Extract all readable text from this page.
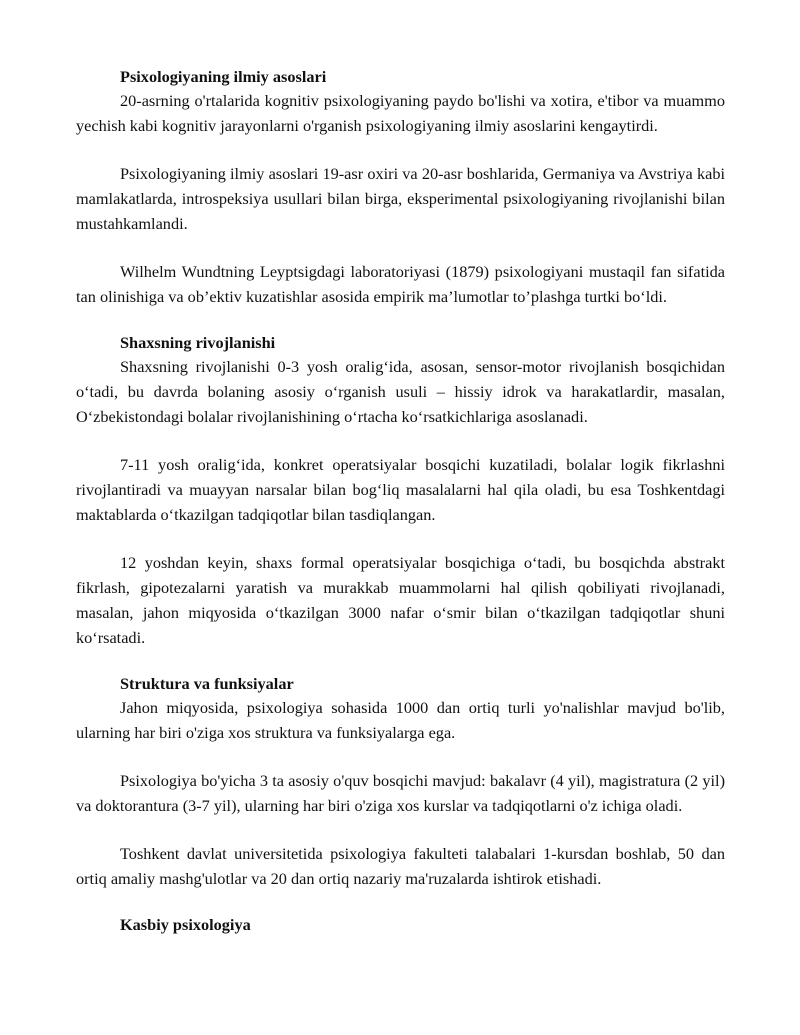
Psixologiyaning ilmiy asoslari

20-asrning o'rtalarida kognitiv psixologiyaning paydo bo'lishi va xotira, e'tibor va muammo yechish kabi kognitiv jarayonlarni o'rganish psixologiyaning ilmiy asoslarini kengaytirdi.

Psixologiyaning ilmiy asoslari 19-asr oxiri va 20-asr boshlarida, Germaniya va Avstriya kabi mamlakatlarda, introspeksiya usullari bilan birga, eksperimental psixologiyaning rivojlanishi bilan mustahkamlandi.

Wilhelm Wundtning Leyptsigdagi laboratoriyasi (1879) psixologiyani mustaqil fan sifatida tan olinishiga va ob’ektiv kuzatishlar asosida empirik ma’lumotlar to’plashga turtki bo‘ldi.

Shaxsning rivojlanishi

Shaxsning rivojlanishi 0-3 yosh oralig‘ida, asosan, sensor-motor rivojlanish bosqichidan o‘tadi, bu davrda bolaning asosiy o‘rganish usuli – hissiy idrok va harakatlardir, masalan, O‘zbekistondagi bolalar rivojlanishining o‘rtacha ko‘rsatkichlariga asoslanadi.

7-11 yosh oralig‘ida, konkret operatsiyalar bosqichi kuzatiladi, bolalar logik fikrlashni rivojlantiradi va muayyan narsalar bilan bog‘liq masalalarni hal qila oladi, bu esa Toshkentdagi maktablarda o‘tkazilgan tadqiqotlar bilan tasdiqlangan.

12 yoshdan keyin, shaxs formal operatsiyalar bosqichiga o‘tadi, bu bosqichda abstrakt fikrlash, gipotezalarni yaratish va murakkab muammolarni hal qilish qobiliyati rivojlanadi, masalan, jahon miqyosida o‘tkazilgan 3000 nafar o‘smir bilan o‘tkazilgan tadqiqotlar shuni ko‘rsatadi.

Struktura va funksiyalar

Jahon miqyosida, psixologiya sohasida 1000 dan ortiq turli yo'nalishlar mavjud bo'lib, ularning har biri o'ziga xos struktura va funksiyalarga ega.

Psixologiya bo'yicha 3 ta asosiy o'quv bosqichi mavjud: bakalavr (4 yil), magistratura (2 yil) va doktorantura (3-7 yil), ularning har biri o'ziga xos kurslar va tadqiqotlarni o'z ichiga oladi.

Toshkent davlat universitetida psixologiya fakulteti talabalari 1-kursdan boshlab, 50 dan ortiq amaliy mashg'ulotlar va 20 dan ortiq nazariy ma'ruzalarda ishtirok etishadi.

Kasbiy psixologiya
